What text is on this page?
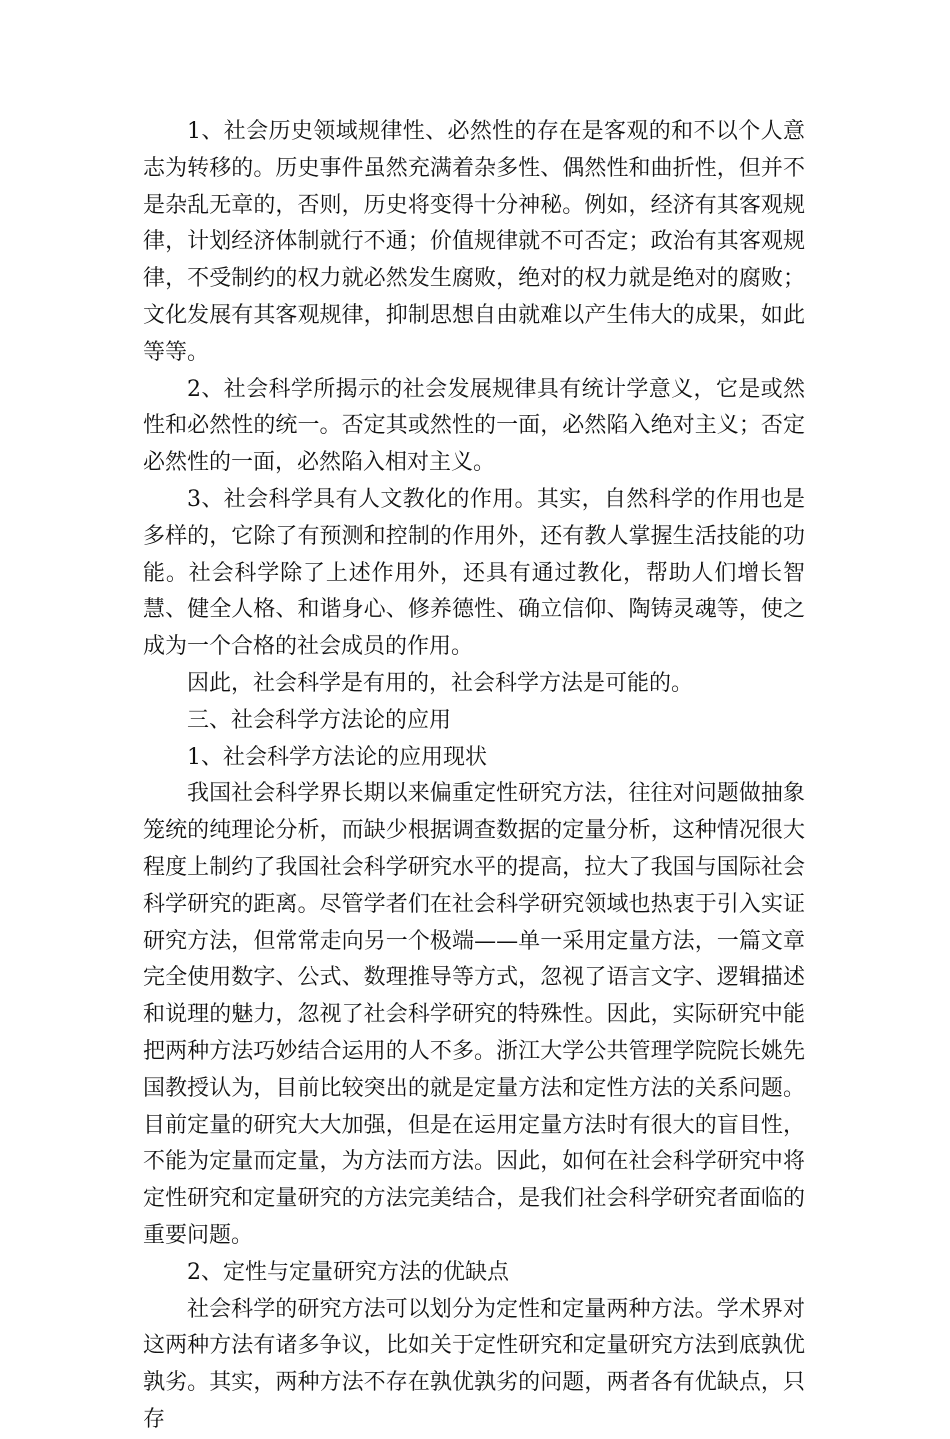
1、社会历史领域规律性、必然性的存在是客观的和不以个人意志为转移的。历史事件虽然充满着杂多性、偶然性和曲折性，但并不是杂乱无章的，否则，历史将变得十分神秘。例如，经济有其客观规律，计划经济体制就行不通；价值规律就不可否定；政治有其客观规律，不受制约的权力就必然发生腐败，绝对的权力就是绝对的腐败；文化发展有其客观规律，抑制思想自由就难以产生伟大的成果，如此等等。

2、社会科学所揭示的社会发展规律具有统计学意义，它是或然性和必然性的统一。否定其或然性的一面，必然陷入绝对主义；否定必然性的一面，必然陷入相对主义。

3、社会科学具有人文教化的作用。其实，自然科学的作用也是多样的，它除了有预测和控制的作用外，还有教人掌握生活技能的功能。社会科学除了上述作用外，还具有通过教化，帮助人们增长智慧、健全人格、和谐身心、修养德性、确立信仰、陶铸灵魂等，使之成为一个合格的社会成员的作用。

因此，社会科学是有用的，社会科学方法是可能的。

三、社会科学方法论的应用

1、社会科学方法论的应用现状

我国社会科学界长期以来偏重定性研究方法，往往对问题做抽象笼统的纯理论分析，而缺少根据调查数据的定量分析，这种情况很大程度上制约了我国社会科学研究水平的提高，拉大了我国与国际社会科学研究的距离。尽管学者们在社会科学研究领域也热衷于引入实证研究方法，但常常走向另一个极端——单一采用定量方法，一篇文章完全使用数字、公式、数理推导等方式，忽视了语言文字、逻辑描述和说理的魅力，忽视了社会科学研究的特殊性。因此，实际研究中能把两种方法巧妙结合运用的人不多。浙江大学公共管理学院院长姚先国教授认为，目前比较突出的就是定量方法和定性方法的关系问题。目前定量的研究大大加强，但是在运用定量方法时有很大的盲目性，不能为定量而定量，为方法而方法。因此，如何在社会科学研究中将定性研究和定量研究的方法完美结合，是我们社会科学研究者面临的重要问题。

2、定性与定量研究方法的优缺点

社会科学的研究方法可以划分为定性和定量两种方法。学术界对这两种方法有诸多争议，比如关于定性研究和定量研究方法到底孰优孰劣。其实，两种方法不存在孰优孰劣的问题，两者各有优缺点，只存
